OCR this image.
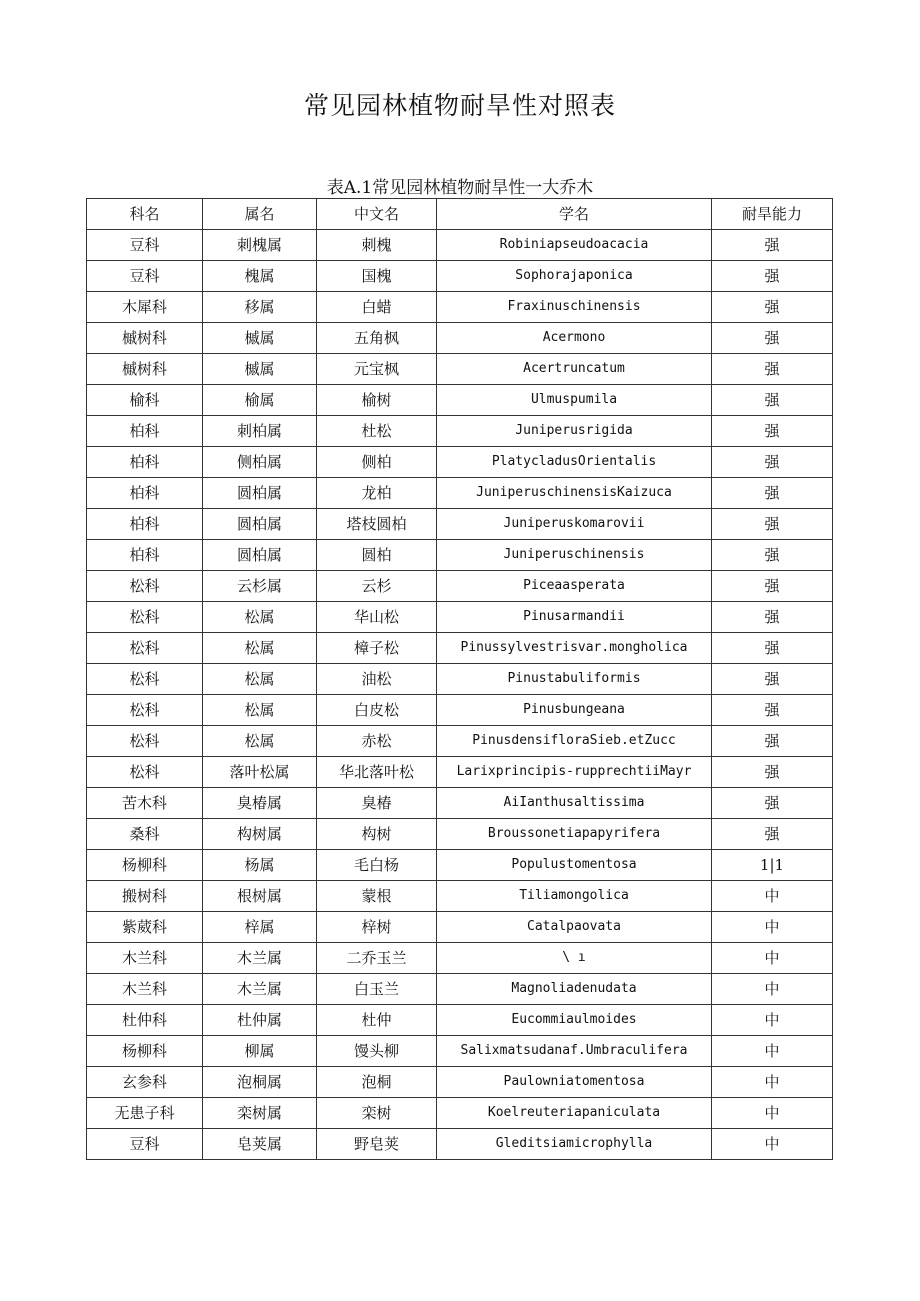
常见园林植物耐旱性对照表
表A.1常见园林植物耐旱性一大乔木
科名	属名	中文名	学名	耐旱能力
豆科	刺槐属	刺槐	Robiniapseudoacacia	强
豆科	槐属	国槐	Sophorajaponica	强
木犀科	移属	白蜡	Fraxinuschinensis	强
槭树科	槭属	五角枫	Acermono	强
槭树科	槭属	元宝枫	Acertruncatum	强
榆科	榆属	榆树	Ulmuspumila	强
柏科	刺柏属	杜松	Juniperusrigida	强
柏科	侧柏属	侧柏	PlatycladusOrientalis	强
柏科	圆柏属	龙柏	JuniperuschinensisKaizuca	强
柏科	圆柏属	塔枝圆柏	Juniperuskomarovii	强
柏科	圆柏属	圆柏	Juniperuschinensis	强
松科	云杉属	云杉	Piceaasperata	强
松科	松属	华山松	Pinusarmandii	强
松科	松属	樟子松	Pinussylvestrisvar.mongholica	强
松科	松属	油松	Pinustabuliformis	强
松科	松属	白皮松	Pinusbungeana	强
松科	松属	赤松	PinusdensifloraSieb.etZucc	强
松科	落叶松属	华北落叶松	Larixprincipis-rupprechtiiMayr	强
苦木科	臭椿属	臭椿	AiIanthusaltissima	强
桑科	构树属	构树	Broussonetiapapyrifera	强
杨柳科	杨属	毛白杨	Populustomentosa	1|1
搬树科	根树属	蒙根	Tiliamongolica	中
紫葳科	梓属	梓树	Catalpaovata	中
木兰科	木兰属	二乔玉兰	\ ı	中
木兰科	木兰属	白玉兰	Magnoliadenudata	中
杜仲科	杜仲属	杜仲	Eucommiaulmoides	中
杨柳科	柳属	馒头柳	Salixmatsudanaf.Umbraculifera	中
玄参科	泡桐属	泡桐	Paulowniatomentosa	中
无患子科	栾树属	栾树	Koelreuteriapaniculata	中
豆科	皂荚属	野皂荚	Gleditsiamicrophylla	中
